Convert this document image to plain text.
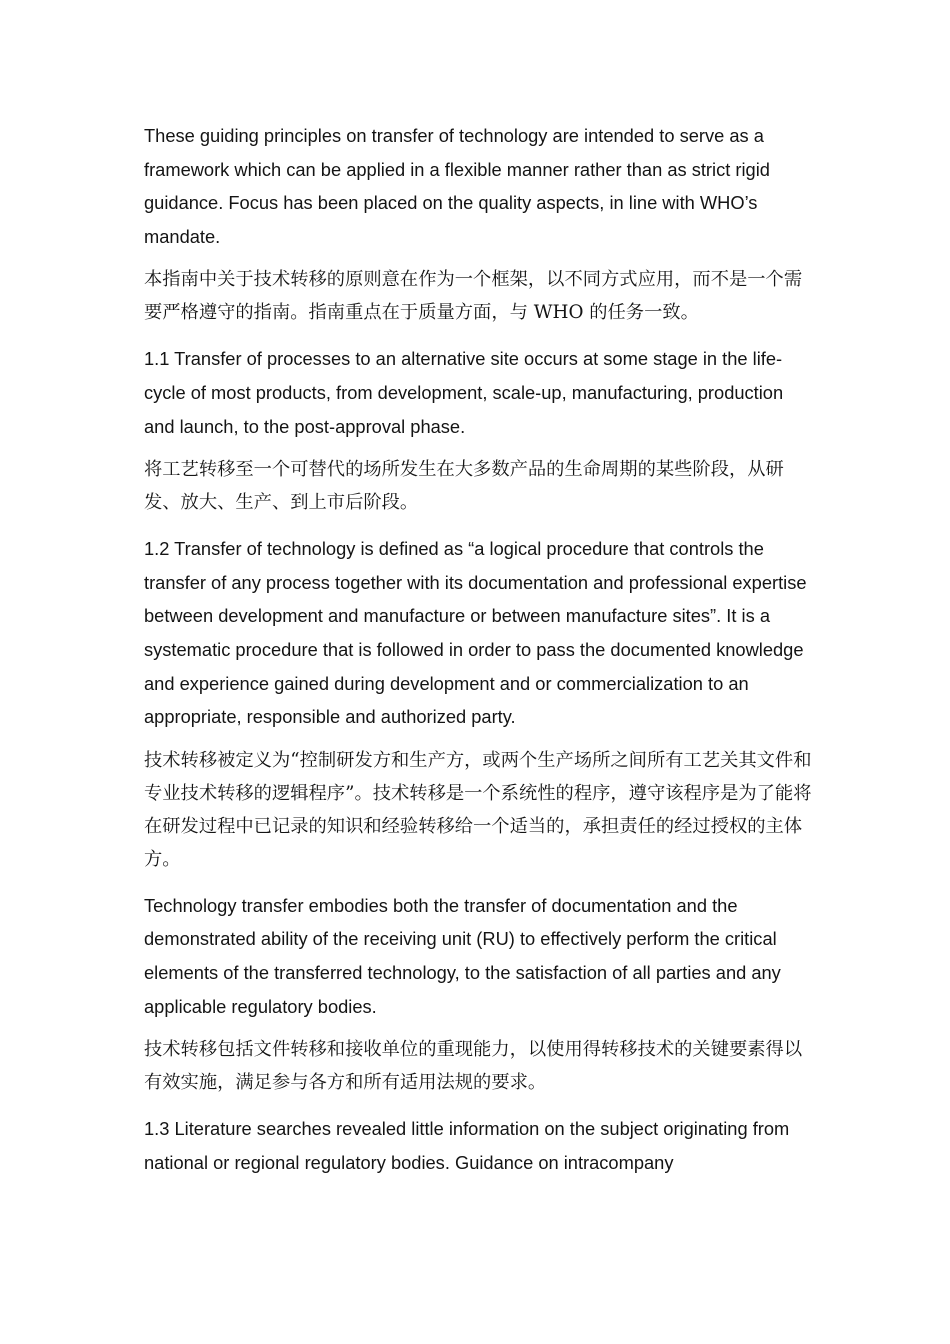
These guiding principles on transfer of technology are intended to serve as a framework which can be applied in a flexible manner rather than as strict rigid guidance. Focus has been placed on the quality aspects, in line with WHO’s mandate.

本指南中关于技术转移的原则意在作为一个框架，以不同方式应用，而不是一个需要严格遵守的指南。指南重点在于质量方面，与 WHO 的任务一致。

1.1 Transfer of processes to an alternative site occurs at some stage in the life-cycle of most products, from development, scale-up, manufacturing, production and launch, to the post-approval phase.

将工艺转移至一个可替代的场所发生在大多数产品的生命周期的某些阶段，从研发、放大、生产、到上市后阶段。

1.2 Transfer of technology is defined as “a logical procedure that controls the transfer of any process together with its documentation and professional expertise between development and manufacture or between manufacture sites”. It is a systematic procedure that is followed in order to pass the documented knowledge and experience gained during development and or commercialization to an appropriate, responsible and authorized party.

技术转移被定义为“控制研发方和生产方，或两个生产场所之间所有工艺关其文件和专业技术转移的逻辑程序”。技术转移是一个系统性的程序，遵守该程序是为了能将在研发过程中已记录的知识和经验转移给一个适当的，承担责任的经过授权的主体方。

Technology transfer embodies both the transfer of documentation and the demonstrated ability of the receiving unit (RU) to effectively perform the critical elements of the transferred technology, to the satisfaction of all parties and any applicable regulatory bodies.

技术转移包括文件转移和接收单位的重现能力，以使用得转移技术的关键要素得以有效实施，满足参与各方和所有适用法规的要求。

1.3 Literature searches revealed little information on the subject originating from national or regional regulatory bodies. Guidance on intracompany
